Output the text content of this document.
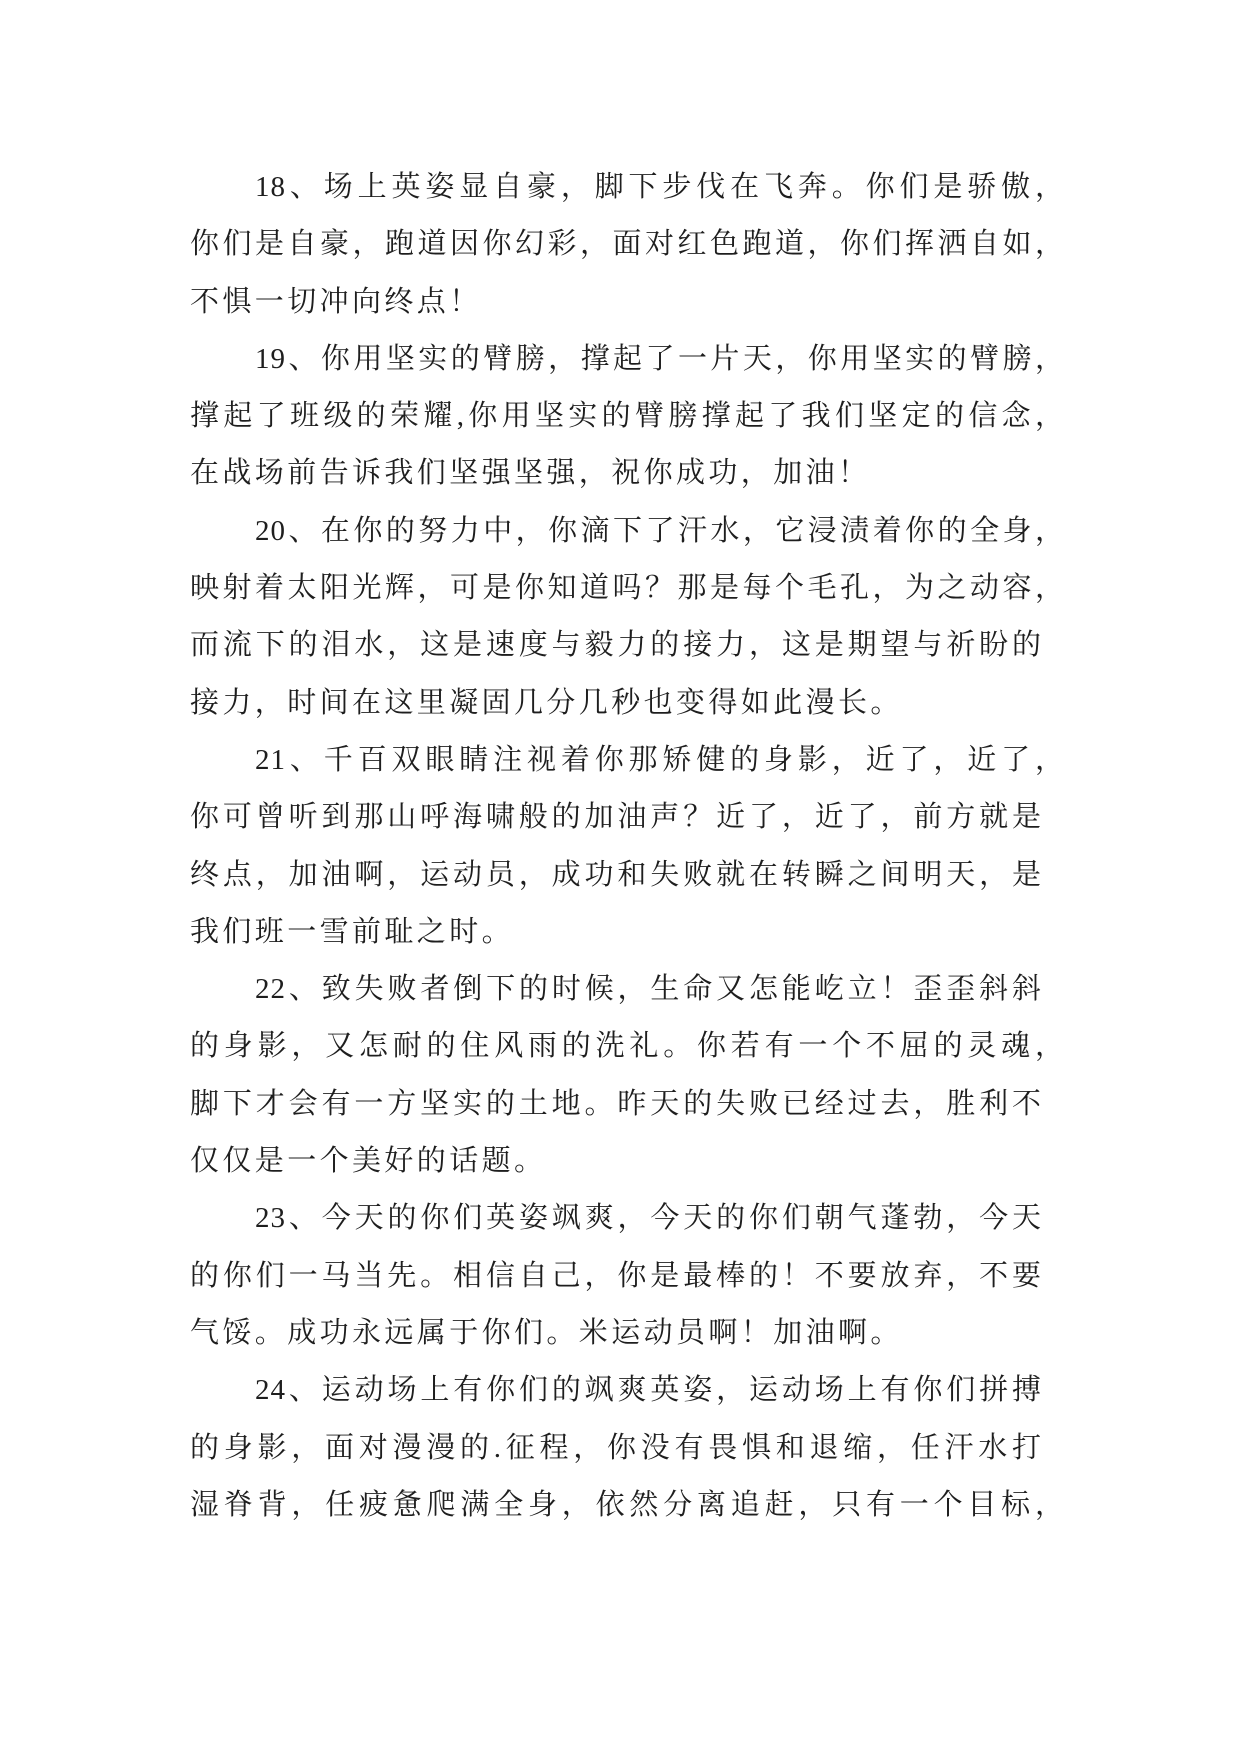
18、场上英姿显自豪，脚下步伐在飞奔。你们是骄傲，
你们是自豪，跑道因你幻彩，面对红色跑道，你们挥洒自如，
不惧一切冲向终点！
19、你用坚实的臂膀，撑起了一片天，你用坚实的臂膀，
撑起了班级的荣耀,你用坚实的臂膀撑起了我们坚定的信念，
在战场前告诉我们坚强坚强，祝你成功，加油！
20、在你的努力中，你滴下了汗水，它浸渍着你的全身，
映射着太阳光辉，可是你知道吗？那是每个毛孔，为之动容，
而流下的泪水，这是速度与毅力的接力，这是期望与祈盼的
接力，时间在这里凝固几分几秒也变得如此漫长。
21、千百双眼睛注视着你那矫健的身影，近了，近了，
你可曾听到那山呼海啸般的加油声？近了，近了，前方就是
终点，加油啊，运动员，成功和失败就在转瞬之间明天，是
我们班一雪前耻之时。
22、致失败者倒下的时候，生命又怎能屹立！歪歪斜斜
的身影，又怎耐的住风雨的洗礼。你若有一个不屈的灵魂，
脚下才会有一方坚实的土地。昨天的失败已经过去，胜利不
仅仅是一个美好的话题。
23、今天的你们英姿飒爽，今天的你们朝气蓬勃，今天
的你们一马当先。相信自己，你是最棒的！不要放弃，不要
气馁。成功永远属于你们。米运动员啊！加油啊。
24、运动场上有你们的飒爽英姿，运动场上有你们拼搏
的身影，面对漫漫的.征程，你没有畏惧和退缩，任汗水打
湿脊背，任疲惫爬满全身，依然分离追赶，只有一个目标，
